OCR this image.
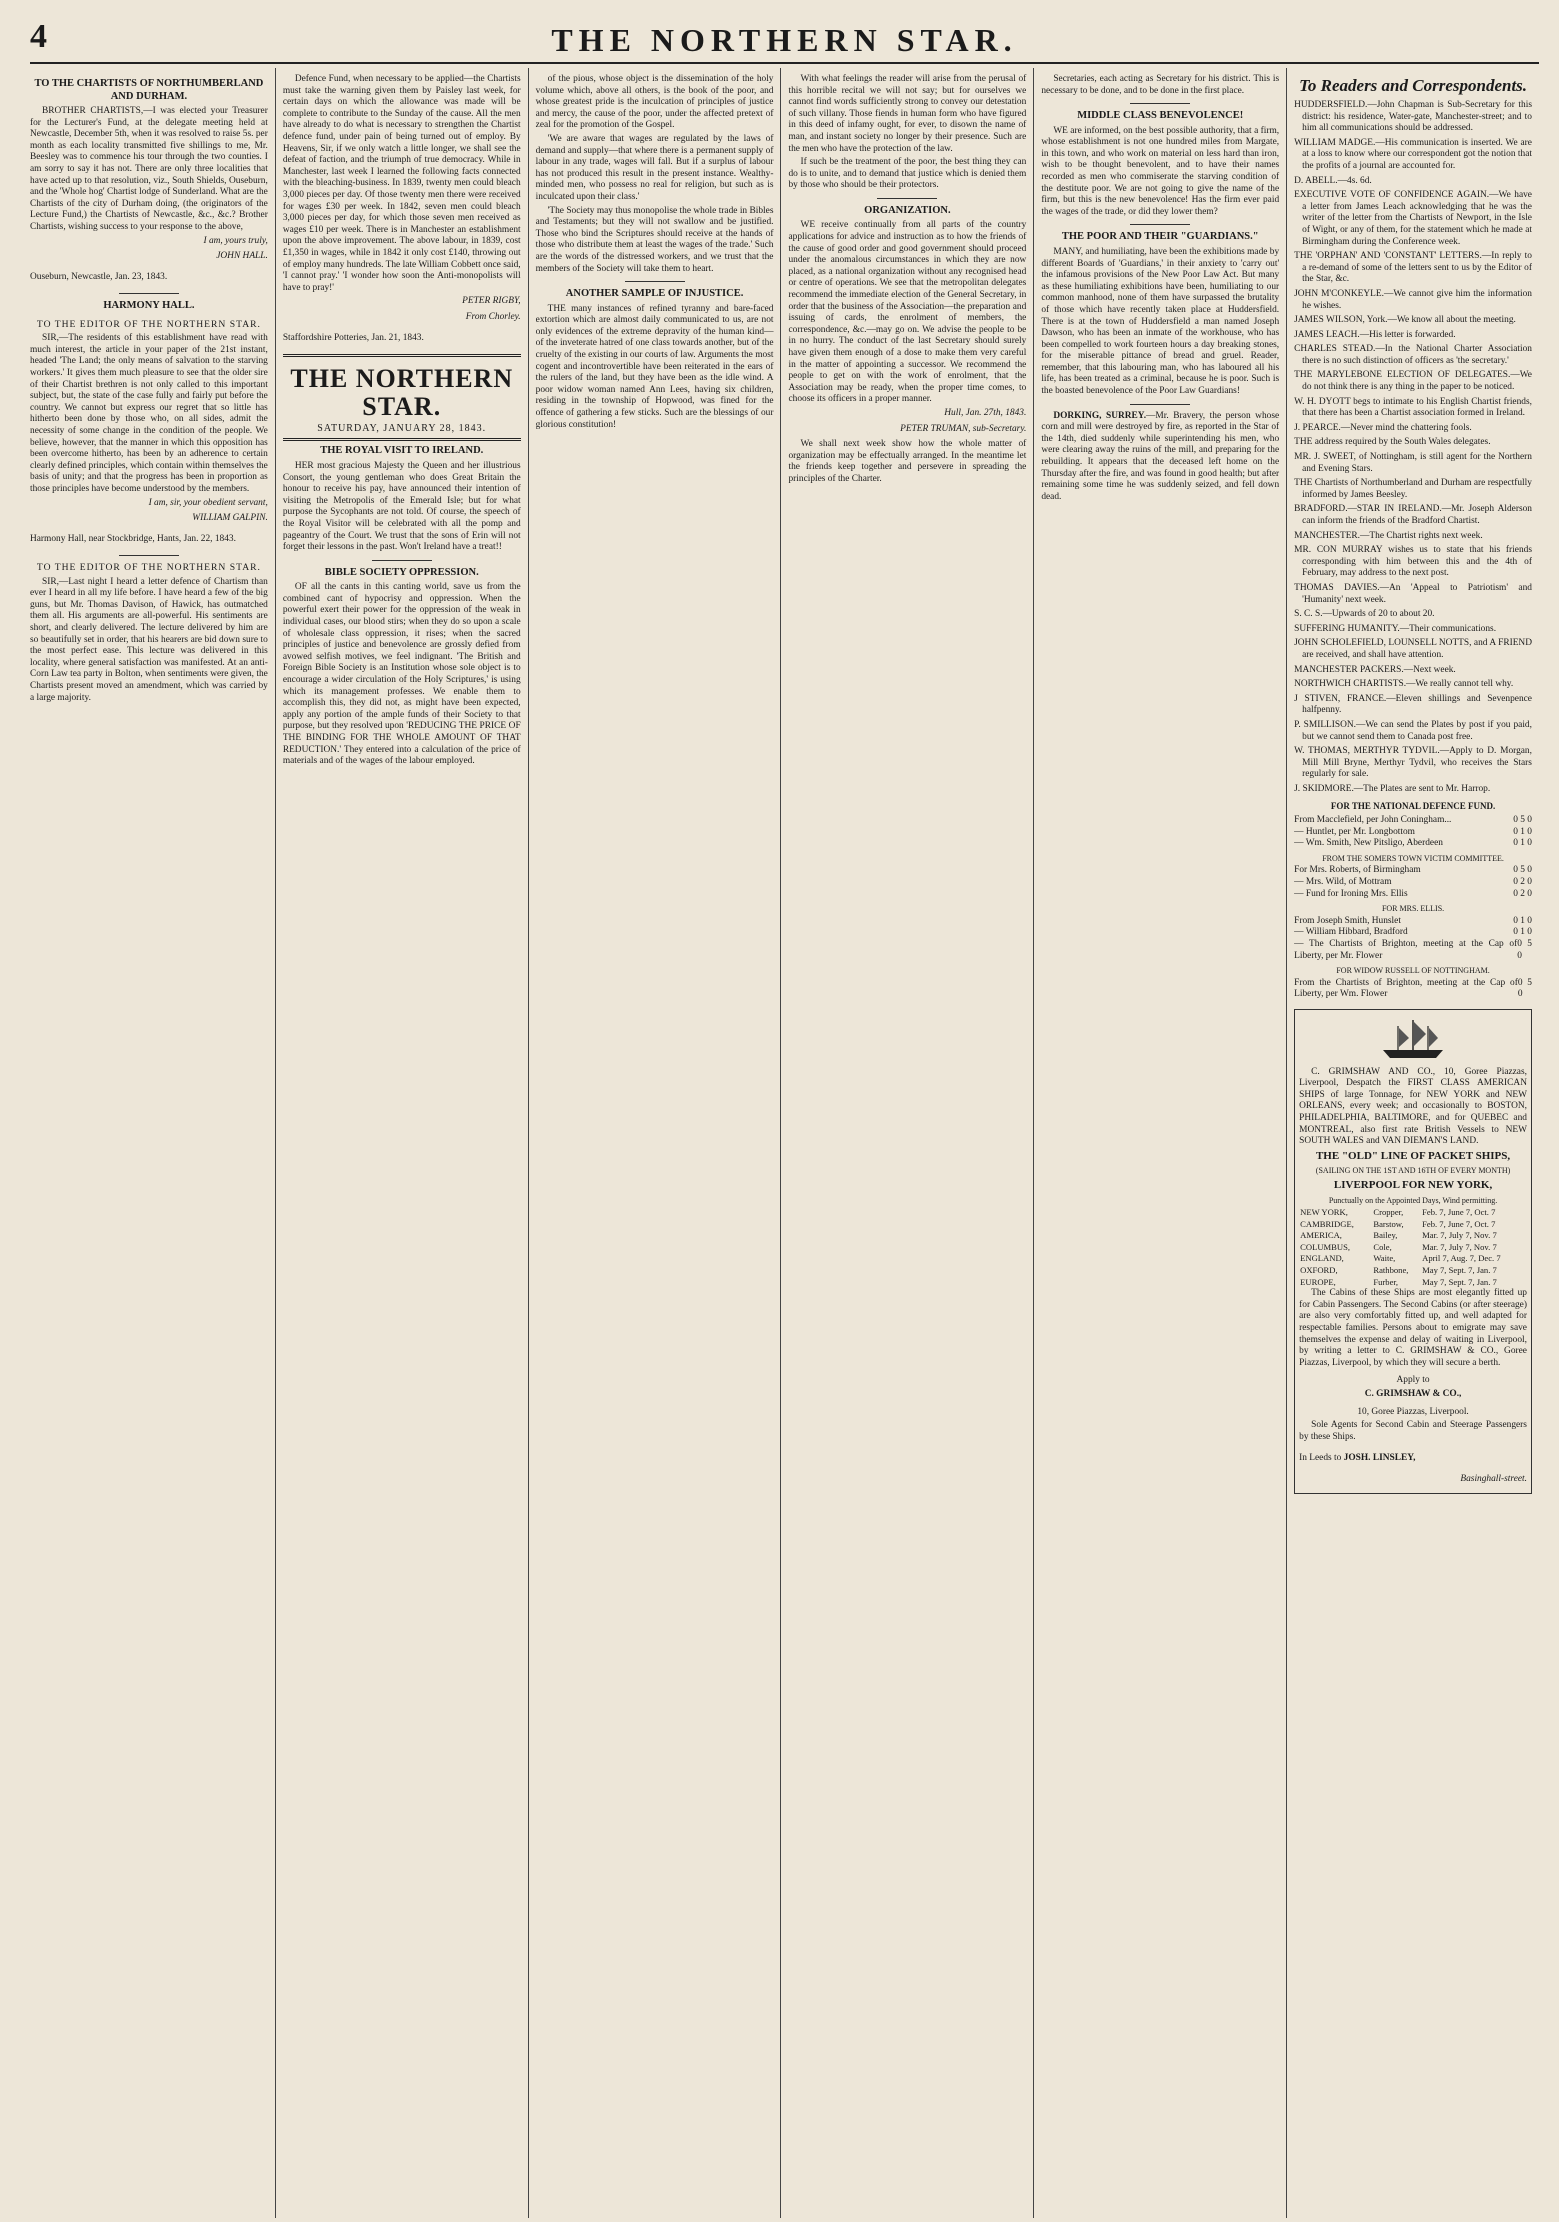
4	THE NORTHERN STAR.
TO THE CHARTISTS OF NORTHUMBERLAND AND DURHAM.

BROTHER CHARTISTS,—I was elected your Treasurer for the Lecturer's Fund, at the delegate meeting held at Newcastle, December 5th, when it was resolved to raise 5s. per month as each locality transmitted five shillings to me, Mr. Beesley was to commence his tour through the two counties. I am sorry to say it has not. There are only three localities that have acted up to that resolution, viz., South Shields, Ouseburn, and the 'Whole hog' Chartist lodge of Sunderland. What are the Chartists of the city of Durham doing, (the originators of the Lecture Fund,) the Chartists of Newcastle, &c., &c.? Brother Chartists, wishing success to your response to the above,

I am, yours truly,

JOHN HALL.

Ouseburn, Newcastle, Jan. 23, 1843.

HARMONY HALL.
TO THE EDITOR OF THE NORTHERN STAR.

SIR,—The residents of this establishment have read with much interest, the article in your paper of the 21st instant, headed 'The Land; the only means of salvation to the starving workers.' It gives them much pleasure to see that the older sire of their Chartist brethren is not only called to this important subject, but, the state of the case fully and fairly put before the country. We cannot but express our regret that so little has hitherto been done by those who, on all sides, admit the necessity of some change in the condition of the people. We believe, however, that the manner in which this opposition has been overcome hitherto, has been by an adherence to certain clearly defined principles, which contain within themselves the basis of unity; and that the progress has been in proportion as those principles have become understood by the members.

I am, sir, your obedient servant,

WILLIAM GALPIN.

Harmony Hall, near Stockbridge, Hants, Jan. 22, 1843.

TO THE EDITOR OF THE NORTHERN STAR.

SIR,—Last night I heard a letter defence of Chartism than ever I heard in all my life before. I have heard a few of the big guns, but Mr. Thomas Davison, of Hawick, has outmatched them all. His arguments are all-powerful. His sentiments are short, and clearly delivered. The lecture delivered by him are so beautifully set in order, that his hearers are bid down sure to the most perfect ease. This lecture was delivered in this locality, where general satisfaction was manifested. At an anti-Corn Law tea party in Bolton, when sentiments were given, the Chartists present moved an amendment, which was carried by a large majority.

Defence Fund, when necessary to be applied—the Chartists must take the warning given them by Paisley last week, for certain days on which the allowance was made will be complete to contribute to the Sunday of the cause. All the men have already to do what is necessary to strengthen the Chartist defence fund, under pain of being turned out of employ. By Heavens, Sir, if we only watch a little longer, we shall see the defeat of faction, and the triumph of true democracy. While in Manchester, last week I learned the following facts connected with the bleaching-business. In 1839, twenty men could bleach 3,000 pieces per day. Of those twenty men there were received for wages £30 per week. In 1842, seven men could bleach 3,000 pieces per day, for which those seven men received as wages £10 per week. There is in Manchester an establishment upon the above improvement. The above labour, in 1839, cost £1,350 in wages, while in 1842 it only cost £140, throwing out of employ many hundreds. The late William Cobbett once said, 'I cannot pray.' 'I wonder how soon the Anti-monopolists will have to pray!'

PETER RIGBY,

From Chorley.

Staffordshire Potteries, Jan. 21, 1843.

THE NORTHERN STAR.
SATURDAY, JANUARY 28, 1843.
THE ROYAL VISIT TO IRELAND.

HER most gracious Majesty the Queen and her illustrious Consort, the young gentleman who does Great Britain the honour to receive his pay, have announced their intention of visiting the Metropolis of the Emerald Isle; but for what purpose the Sycophants are not told. Of course, the speech of the Royal Visitor will be celebrated with all the pomp and pageantry of the Court. We trust that the sons of Erin will not forget their lessons in the past. Won't Ireland have a treat!!

BIBLE SOCIETY OPPRESSION.

OF all the cants in this canting world, save us from the combined cant of hypocrisy and oppression. When the powerful exert their power for the oppression of the weak in individual cases, our blood stirs; when they do so upon a scale of wholesale class oppression, it rises; when the sacred principles of justice and benevolence are grossly defied from avowed selfish motives, we feel indignant. 'The British and Foreign Bible Society is an Institution whose sole object is to encourage a wider circulation of the Holy Scriptures,' is using which its management professes. We enable them to accomplish this, they did not, as might have been expected, apply any portion of the ample funds of their Society to that purpose, but they resolved upon 'REDUCING THE PRICE OF THE BINDING FOR THE WHOLE AMOUNT OF THAT REDUCTION.' They entered into a calculation of the price of materials and of the wages of the labour employed.

of the pious, whose object is the dissemination of the holy volume which, above all others, is the book of the poor, and whose greatest pride is the inculcation of principles of justice and mercy, the cause of the poor, under the affected pretext of zeal for the promotion of the Gospel.

'We are aware that wages are regulated by the laws of demand and supply—that where there is a permanent supply of labour in any trade, wages will fall. But if a surplus of labour has not produced this result in the present instance. Wealthy-minded men, who possess no real for religion, but such as is inculcated upon their class.'

'The Society may thus monopolise the whole trade in Bibles and Testaments; but they will not swallow and be justified. Those who bind the Scriptures should receive at the hands of those who distribute them at least the wages of the trade.' Such are the words of the distressed workers, and we trust that the members of the Society will take them to heart.

ANOTHER SAMPLE OF INJUSTICE.

THE many instances of refined tyranny and bare-faced extortion which are almost daily communicated to us, are not only evidences of the extreme depravity of the human kind—of the inveterate hatred of one class towards another, but of the cruelty of the existing in our courts of law. Arguments the most cogent and incontrovertible have been reiterated in the ears of the rulers of the land, but they have been as the idle wind. A poor widow woman named Ann Lees, having six children, residing in the township of Hopwood, was fined for the offence of gathering a few sticks. Such are the blessings of our glorious constitution!

With what feelings the reader will arise from the perusal of this horrible recital we will not say; but for ourselves we cannot find words sufficiently strong to convey our detestation of such villany. Those fiends in human form who have figured in this deed of infamy ought, for ever, to disown the name of man, and instant society no longer by their presence. Such are the men who have the protection of the law.

If such be the treatment of the poor, the best thing they can do is to unite, and to demand that justice which is denied them by those who should be their protectors.

ORGANIZATION.

WE receive continually from all parts of the country applications for advice and instruction as to how the friends of the cause of good order and good government should proceed under the anomalous circumstances in which they are now placed, as a national organization without any recognised head or centre of operations. We see that the metropolitan delegates recommend the immediate election of the General Secretary, in order that the business of the Association—the preparation and issuing of cards, the enrolment of members, the correspondence, &c.—may go on. We advise the people to be in no hurry. The conduct of the last Secretary should surely have given them enough of a dose to make them very careful in the matter of appointing a successor. We recommend the people to get on with the work of enrolment, that the Association may be ready, when the proper time comes, to choose its officers in a proper manner.

Hull, Jan. 27th, 1843.

PETER TRUMAN, sub-Secretary.

We shall next week show how the whole matter of organization may be effectually arranged. In the meantime let the friends keep together and persevere in spreading the principles of the Charter.

Secretaries, each acting as Secretary for his district. This is necessary to be done, and to be done in the first place.

MIDDLE CLASS BENEVOLENCE!

WE are informed, on the best possible authority, that a firm, whose establishment is not one hundred miles from Margate, in this town, and who work on material on less hard than iron, wish to be thought benevolent, and to have their names recorded as men who commiserate the starving condition of the destitute poor. We are not going to give the name of the firm, but this is the new benevolence! Has the firm ever paid the wages of the trade, or did they lower them?

THE POOR AND THEIR "GUARDIANS."

MANY, and humiliating, have been the exhibitions made by different Boards of 'Guardians,' in their anxiety to 'carry out' the infamous provisions of the New Poor Law Act. But many as these humiliating exhibitions have been, humiliating to our common manhood, none of them have surpassed the brutality of those which have recently taken place at Huddersfield. There is at the town of Huddersfield a man named Joseph Dawson, who has been an inmate of the workhouse, who has been compelled to work fourteen hours a day breaking stones, for the miserable pittance of bread and gruel. Reader, remember, that this labouring man, who has laboured all his life, has been treated as a criminal, because he is poor. Such is the boasted benevolence of the Poor Law Guardians!

DORKING, SURREY.—Mr. Bravery, the person whose corn and mill were destroyed by fire, as reported in the Star of the 14th, died suddenly while superintending his men, who were clearing away the ruins of the mill, and preparing for the rebuilding. It appears that the deceased left home on the Thursday after the fire, and was found in good health; but after remaining some time he was suddenly seized, and fell down dead.

To Readers and Correspondents.

HUDDERSFIELD.—John Chapman is Sub-Secretary for this district: his residence, Water-gate, Manchester-street; and to him all communications should be addressed.

WILLIAM MADGE.—His communication is inserted. We are at a loss to know where our correspondent got the notion that the profits of a journal are accounted for.

D. ABELL.—4s. 6d.

EXECUTIVE VOTE OF CONFIDENCE AGAIN.—We have a letter from James Leach acknowledging that he was the writer of the letter from the Chartists of Newport, in the Isle of Wight, or any of them, for the statement which he made at Birmingham during the Conference week.

THE 'ORPHAN' AND 'CONSTANT' LETTERS.—In reply to a re-demand of some of the letters sent to us by the Editor of the Star, &c.

JOHN M'CONKEYLE.—We cannot give him the information he wishes.

JAMES WILSON, York.—We know all about the meeting.

JAMES LEACH.—His letter is forwarded.

CHARLES STEAD.—In the National Charter Association there is no such distinction of officers as 'the secretary.'

THE MARYLEBONE ELECTION OF DELEGATES.—We do not think there is any thing in the paper to be noticed.

W. H. DYOTT begs to intimate to his English Chartist friends, that there has been a Chartist association formed in Ireland.

J. PEARCE.—Never mind the chattering fools.

THE address required by the South Wales delegates.

MR. J. SWEET, of Nottingham, is still agent for the Northern and Evening Stars.

THE Chartists of Northumberland and Durham are respectfully informed by James Beesley.

BRADFORD.—STAR IN IRELAND.—Mr. Joseph Alderson can inform the friends of the Bradford Chartist.

MANCHESTER.—The Chartist rights next week.

MR. CON MURRAY wishes us to state that his friends corresponding with him between this and the 4th of February, may address to the next post.

THOMAS DAVIES.—An 'Appeal to Patriotism' and 'Humanity' next week.

S. C. S.—Upwards of 20 to about 20.

SUFFERING HUMANITY.—Their communications.

JOHN SCHOLEFIELD, LOUNSELL NOTTS, and A FRIEND are received, and shall have attention.

MANCHESTER PACKERS.—Next week.

NORTHWICH CHARTISTS.—We really cannot tell why.

J STIVEN, FRANCE.—Eleven shillings and Sevenpence halfpenny.

P. SMILLISON.—We can send the Plates by post if you paid, but we cannot send them to Canada post free.

W. THOMAS, MERTHYR TYDVIL.—Apply to D. Morgan, Mill Mill Bryne, Merthyr Tydvil, who receives the Stars regularly for sale.

J. SKIDMORE.—The Plates are sent to Mr. Harrop.

FOR THE NATIONAL DEFENCE FUND.
From Macclefield, per John Coningham...	0 5 0
— Huntlet, per Mr. Longbottom	0 1 0
— Wm. Smith, New Pitsligo, Aberdeen	0 1 0
FROM THE SOMERS TOWN VICTIM COMMITTEE.
For Mrs. Roberts, of Birmingham	0 5 0
— Mrs. Wild, of Mottram	0 2 0
— Fund for Ironing Mrs. Ellis	0 2 0
FOR MRS. ELLIS.
From Joseph Smith, Hunslet	0 1 0
— William Hibbard, Bradford	0 1 0
— The Chartists of Brighton, meeting at the Cap of Liberty, per Mr. Flower
0 5 0
FOR WIDOW RUSSELL OF NOTTINGHAM.
From the Chartists of Brighton, meeting at the Cap of Liberty, per Wm. Flower
0 5 0

C. GRIMSHAW AND CO., 10, Goree Piazzas, Liverpool, Despatch the FIRST CLASS AMERICAN SHIPS of large Tonnage, for NEW YORK and NEW ORLEANS, every week; and occasionally to BOSTON, PHILADELPHIA, BALTIMORE, and for QUEBEC and MONTREAL, also first rate British Vessels to NEW SOUTH WALES and VAN DIEMAN'S LAND.

THE "OLD" LINE OF PACKET SHIPS,
(SAILING ON THE 1ST AND 16TH OF EVERY MONTH)
LIVERPOOL FOR NEW YORK,
Punctually on the Appointed Days, Wind permitting.
NEW YORK,	Cropper,	Feb. 7, June 7, Oct. 7
CAMBRIDGE,	Barstow,	Feb. 7, June 7, Oct. 7
AMERICA,	Bailey,	Mar. 7, July 7, Nov. 7
COLUMBUS,	Cole,	Mar. 7, July 7, Nov. 7
ENGLAND,	Waite,	April 7, Aug. 7, Dec. 7
OXFORD,	Rathbone,	May 7, Sept. 7, Jan. 7
EUROPE,	Furber,	May 7, Sept. 7, Jan. 7

The Cabins of these Ships are most elegantly fitted up for Cabin Passengers. The Second Cabins (or after steerage) are also very comfortably fitted up, and well adapted for respectable families. Persons about to emigrate may save themselves the expense and delay of waiting in Liverpool, by writing a letter to C. GRIMSHAW & CO., Goree Piazzas, Liverpool, by which they will secure a berth.

Apply to
C. GRIMSHAW & CO.,
10, Goree Piazzas, Liverpool.

Sole Agents for Second Cabin and Steerage Passengers by these Ships.

In Leeds to JOSH. LINSLEY,

Basinghall-street.
